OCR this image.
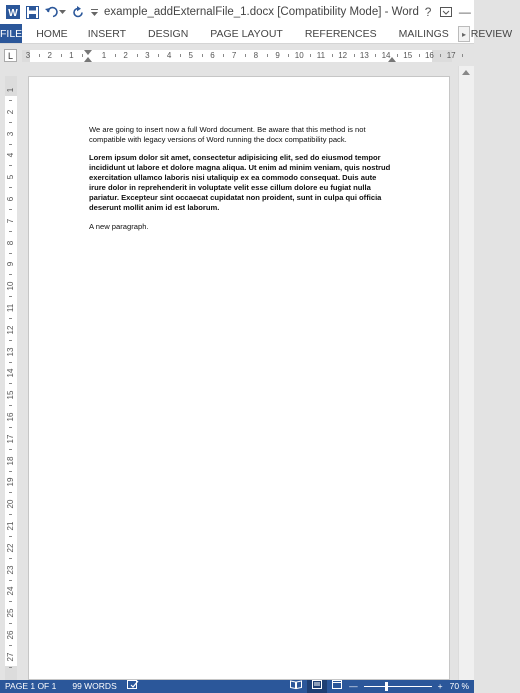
W	example_addExternalFile_1.docx [Compatibility Mode] - Word ?	—
FILE	HOME	INSERT	DESIGN	PAGE LAYOUT	REFERENCES	MAILINGS	REVIEW
▸
L	3 2 1	1 2 3 4 5 6 7 8 9 10 11 12 13 14 15 16 17
1
2
3
4
5
6
7
8
9
10
11
12
13
14
15
16
17
18
19
20
21
22
23
24
25
26
27

We are going to insert now a full Word document. Be aware that this method is not compatible with legacy versions of Word running the docx compatibility pack.

Lorem ipsum dolor sit amet, consectetur adipisicing elit, sed do eiusmod tempor incididunt ut labore et dolore magna aliqua. Ut enim ad minim veniam, quis nostrud exercitation ullamco laboris nisi utaliquip ex ea commodo consequat. Duis aute irure dolor in reprehenderit in voluptate velit esse cillum dolore eu fugiat nulla pariatur. Excepteur sint occaecat cupidatat non proident, sunt in culpa qui officia deserunt mollit anim id est laborum.

A new paragraph.

PAGE 1 OF 1	99 WORDS	—	+ 70 %
